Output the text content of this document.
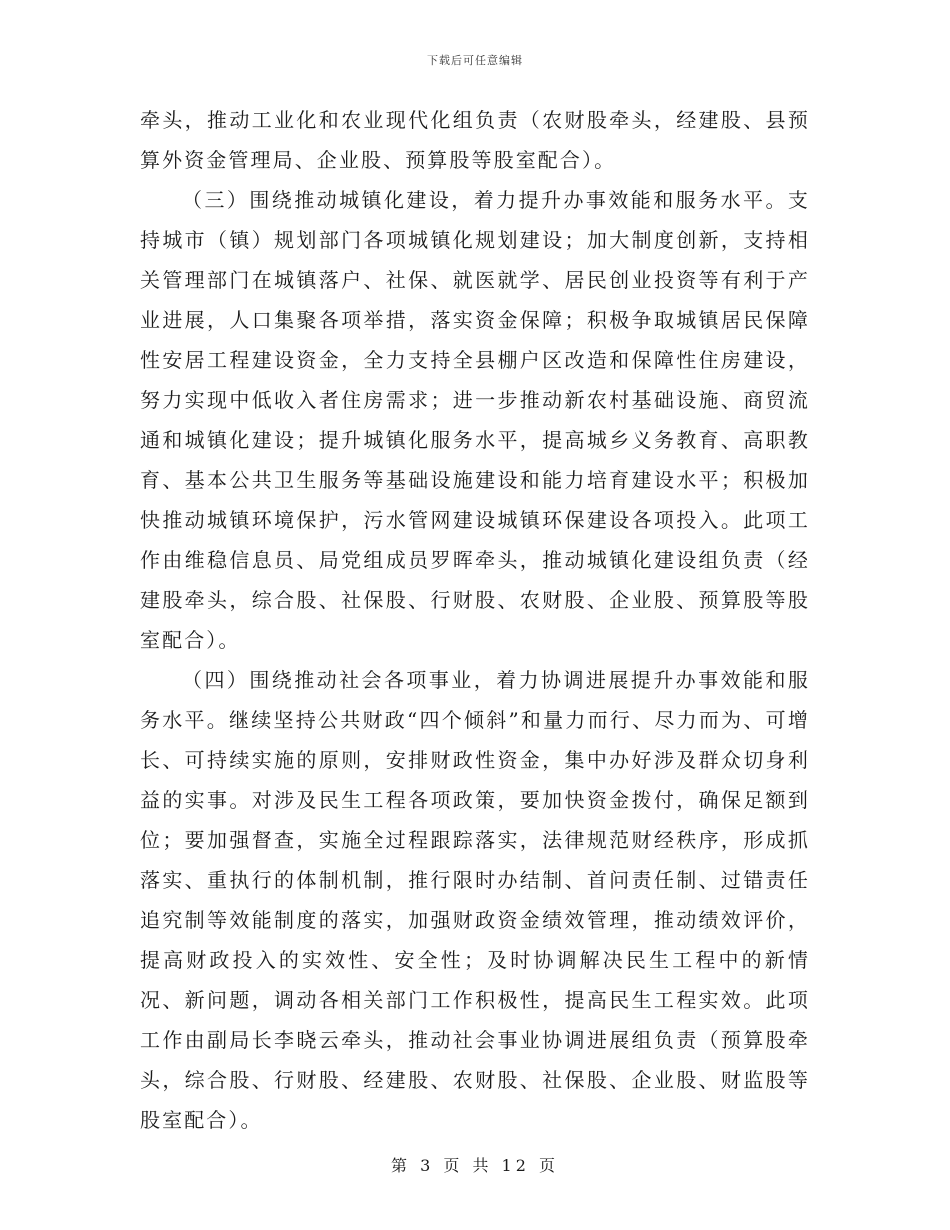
下载后可任意编辑

牵头，推动工业化和农业现代化组负责（农财股牵头，经建股、县预算外资金管理局、企业股、预算股等股室配合）。

（三）围绕推动城镇化建设，着力提升办事效能和服务水平。支持城市（镇）规划部门各项城镇化规划建设；加大制度创新，支持相关管理部门在城镇落户、社保、就医就学、居民创业投资等有利于产业进展，人口集聚各项举措，落实资金保障；积极争取城镇居民保障性安居工程建设资金，全力支持全县棚户区改造和保障性住房建设，努力实现中低收入者住房需求；进一步推动新农村基础设施、商贸流通和城镇化建设；提升城镇化服务水平，提高城乡义务教育、高职教育、基本公共卫生服务等基础设施建设和能力培育建设水平；积极加快推动城镇环境保护，污水管网建设城镇环保建设各项投入。此项工作由维稳信息员、局党组成员罗晖牵头，推动城镇化建设组负责（经建股牵头，综合股、社保股、行财股、农财股、企业股、预算股等股室配合）。

（四）围绕推动社会各项事业，着力协调进展提升办事效能和服务水平。继续坚持公共财政“四个倾斜”和量力而行、尽力而为、可增长、可持续实施的原则，安排财政性资金，集中办好涉及群众切身利益的实事。对涉及民生工程各项政策，要加快资金拨付，确保足额到位；要加强督查，实施全过程跟踪落实，法律规范财经秩序，形成抓落实、重执行的体制机制，推行限时办结制、首问责任制、过错责任追究制等效能制度的落实，加强财政资金绩效管理，推动绩效评价，提高财政投入的实效性、安全性；及时协调解决民生工程中的新情况、新问题，调动各相关部门工作积极性，提高民生工程实效。此项工作由副局长李晓云牵头，推动社会事业协调进展组负责（预算股牵头，综合股、行财股、经建股、农财股、社保股、企业股、财监股等股室配合）。

第 3 页 共 12 页
